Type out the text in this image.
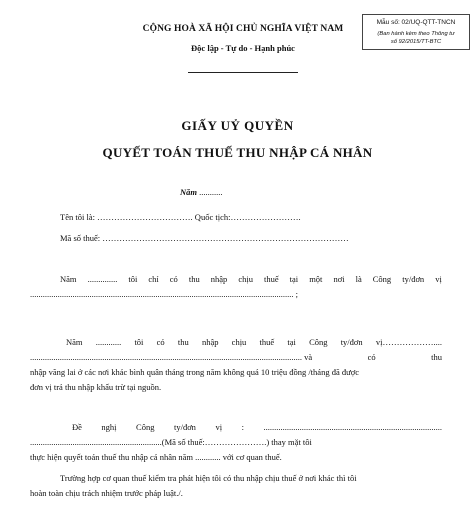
CỘNG HOÀ XÃ HỘI CHỦ NGHĨA VIỆT NAM
Độc lập - Tự do - Hạnh phúc
Mẫu số: 02/UQ-QTT-TNCN
(Ban hành kèm theo Thông tư
số 92/2015/TT-BTC
GIẤY UỶ QUYỀN
QUYẾT TOÁN THUẾ THU NHẬP CÁ NHÂN
Năm ...........
Tên tôi là: ……………………………. Quốc tịch:…………………….
Mã số thuế: ……………………………………………………………………………
Năm .............. tôi chỉ có thu nhập chịu thuế tại một nơi là Công ty/đơn vị
............................................................................................................................ ;
Năm ............ tôi có thu nhập chịu thuế tại Công ty/đơn vị………………....
................................................................................................................................ và	có	thu
nhập vãng lai ở các nơi khác bình quân tháng trong năm không quá 10 triệu đồng /tháng đã được
đơn vị trả thu nhập khấu trừ tại nguồn.
Đề nghị Công ty/đơn vị : ....................................................................................
..............................................................(Mã số thuế:………………….) thay mặt tôi
thực hiện quyết toán thuế thu nhập cá nhân năm ............ với cơ quan thuế.
Trường hợp cơ quan thuế kiểm tra phát hiện tôi có thu nhập chịu thuế ở nơi khác thì tôi
hoàn toàn chịu trách nhiệm trước pháp luật./.
